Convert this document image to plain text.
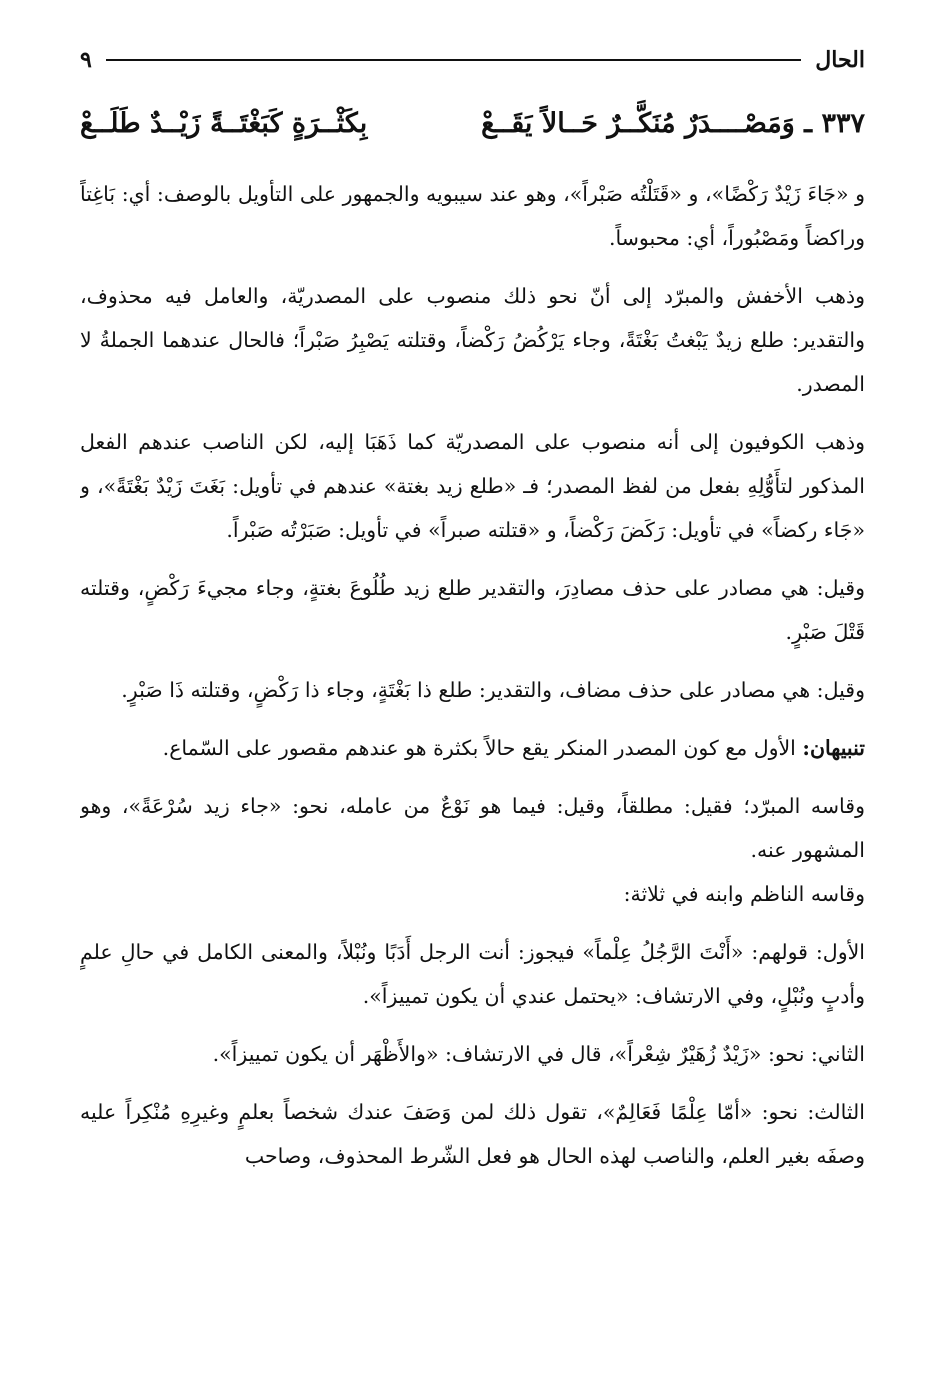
الحال
٩
٣٣٧ ـ وَمَصْــــدَرٌ مُنَكَّــرٌ حَــالاً يَقَــعْ
بِكَثْــرَةٍ كَبَغْتَــةً زَيْــدٌ طَلَــعْ

و «جَاءَ زَيْدٌ رَكْضًا»، و «قَتَلْتُه صَبْراً»، وهو عند سيبويه والجمهور على التأويل بالوصف: أي: بَاغِتاً وراكضاً ومَصْبُوراً، أي: محبوساً.

وذهب الأخفش والمبرّد إلى أنّ نحو ذلك منصوب على المصدريّة، والعامل فيه محذوف، والتقدير: طلع زيدٌ يَبْغتُ بَغْتَةً، وجاء يَرْكُضُ رَكْضاً، وقتلته يَصْبِرُ صَبْراً؛ فالحال عندهما الجملةُ لا المصدر.

وذهب الكوفيون إلى أنه منصوب على المصدريّة كما ذَهَبَا إليه، لكن الناصب عندهم الفعل المذكور لتأَوُّلِهِ بفعل من لفظ المصدر؛ فـ «طلع زيد بغتة» عندهم في تأويل: بَغَتَ زَيْدٌ بَغْتَةً»، و «جَاء ركضاً» في تأويل: رَكَضَ رَكْضاً، و «قتلته صبراً» في تأويل: صَبَرْتُه صَبْراً.

وقيل: هي مصادر على حذف مصادِرَ، والتقدير طلع زيد طُلُوعَ بغتةٍ، وجاء مجيءَ رَكْضٍ، وقتلته قَتْلَ صَبْرٍ.

وقيل: هي مصادر على حذف مضاف، والتقدير: طلع ذا بَغْتَةٍ، وجاء ذا رَكْضٍ، وقتلته ذَا صَبْرٍ.

تنبيهان: الأول مع كون المصدر المنكر يقع حالاً بكثرة هو عندهم مقصور على السّماع.

وقاسه المبرّد؛ فقيل: مطلقاً، وقيل: فيما هو نَوْعٌ من عامله، نحو: «جاء زيد سُرْعَةً»، وهو المشهور عنه.

وقاسه الناظم وابنه في ثلاثة:

الأول: قولهم: «أَنْتَ الرَّجُلُ عِلْماً» فيجوز: أنت الرجل أَدَبًا ونُبْلاً، والمعنى الكامل في حالِ علمٍ وأدبٍ ونُبْلٍ، وفي الارتشاف: «يحتمل عندي أن يكون تمييزاً».

الثاني: نحو: «زَيْدٌ زُهَيْرٌ شِعْراً»، قال في الارتشاف: «والأَظْهَر أن يكون تمييزاً».

الثالث: نحو: «أمّا عِلْمًا فَعَالِمٌ»، تقول ذلك لمن وَصَفَ عندك شخصاً بعلمٍ وغيرِهِ مُنْكِراً عليه وصفَه بغير العلم، والناصب لهذه الحال هو فعل الشّرط المحذوف، وصاحب
